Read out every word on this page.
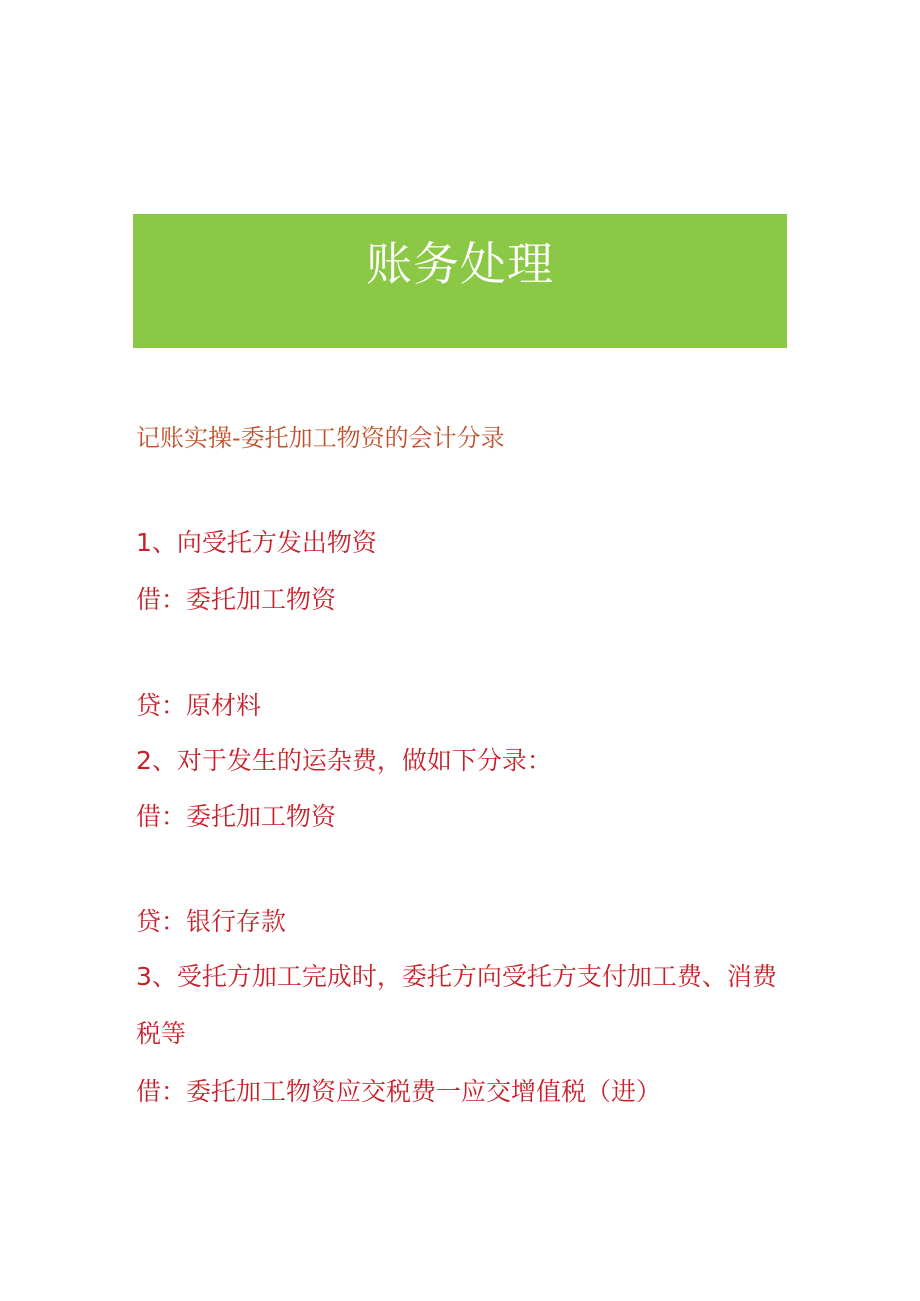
账务处理
记账实操-委托加工物资的会计分录
1、向受托方发出物资
借：委托加工物资
贷：原材料
2、对于发生的运杂费，做如下分录：
借：委托加工物资
贷：银行存款
3、受托方加工完成时，委托方向受托方支付加工费、消费
税等
借：委托加工物资应交税费一应交增值税（进）
